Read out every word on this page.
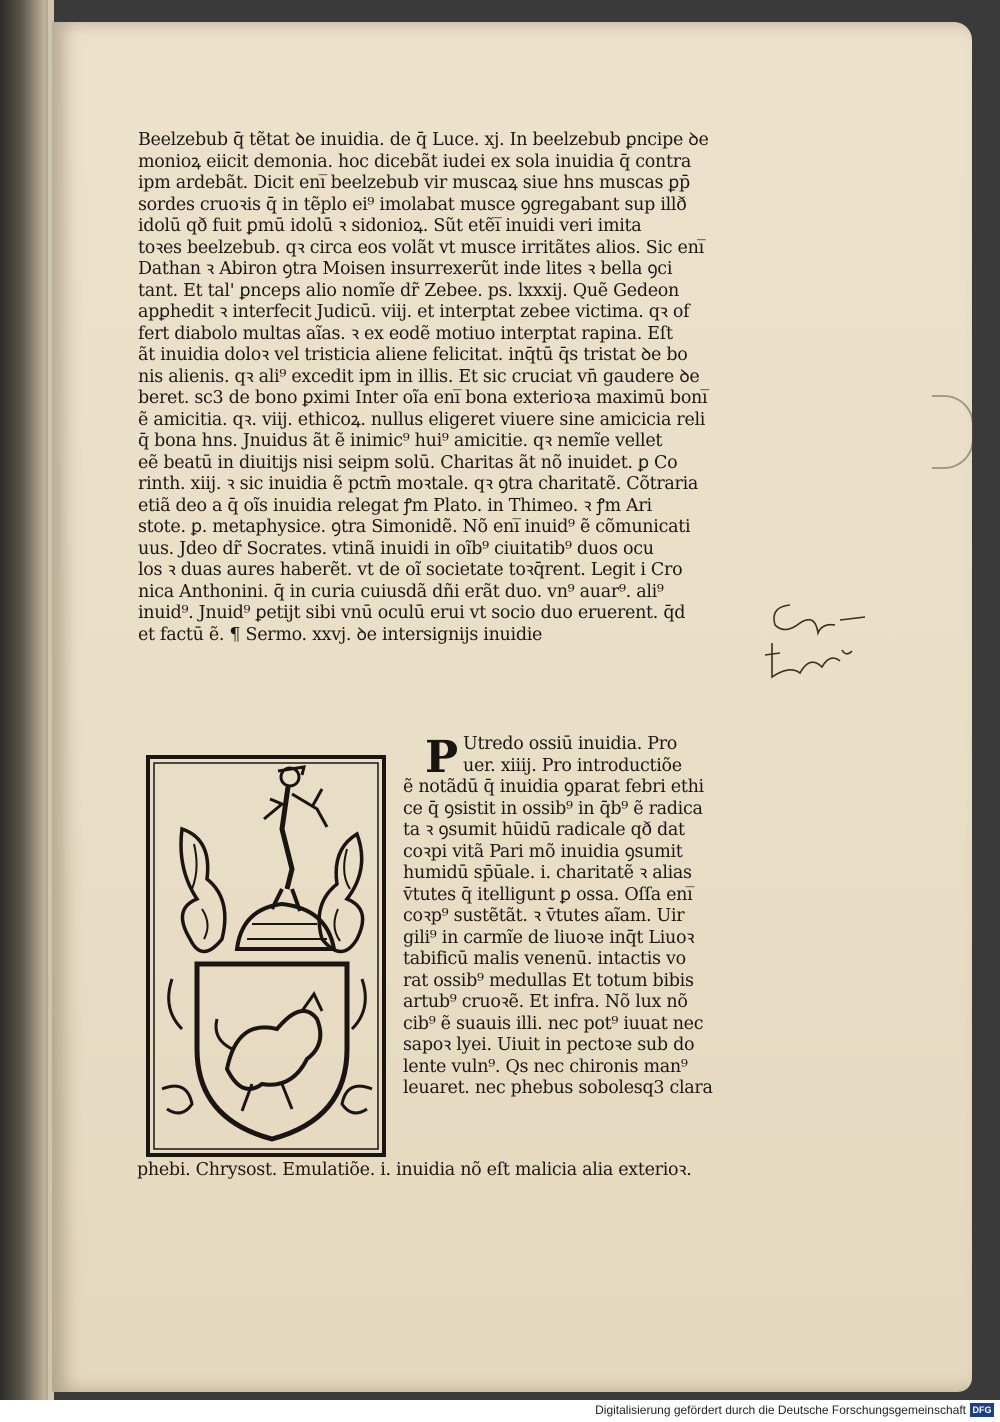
Beelzebub q̄ tẽtat ꝺe inuidia. de q̄ Luce. xj. In beelzebub ꝑncipe ꝺe
monioꝝ eiicit demonia. hoc dicebãt iudei ex sola inuidia q̄ contra
ipm ardebãt. Dicit̃ eni̅ beelzebub vir muscaꝝ siue h̄ns muscas ꝑp̄
sordes cruoꝛis q̄ in tẽplo ei⁹ imolabat̃ musce ꝯgregabant̃ sup illð
idolū qð fuit ꝑmū idolū ꝛ sidonioꝝ. Sũt etẽi̅ inuidi veri imita
toꝛes beelzebub. qꝛ circa eos volãt vt musce irritãtes alios. Sic eni̅
Dathan ꝛ Abiron ꝯtra Moisen insurrexerũt inde lites ꝛ bella ꝯci
tant̃. Et tal' ꝑnceps alio nomĩe dr̃ Zebee. ps. lxxxij. Quẽ Gedeon
apꝑh̄edit ꝛ interfecit Judicū. viij. et interptat̃ zebee victima. qꝛ of
fert diabolo multas aĩas. ꝛ ex eodẽ motiuo interptat̃ rapina. Eſt
ãt inuidia doloꝛ vel tristicia aliene felicitat̃. inq̄tū q̄s tristat̃ ꝺe bo
nis alienis. qꝛ ali⁹ excedit ipm in illis. Et sic cruciat̃ vn̄ gaudere ꝺe
beret. sc3 de bono ꝑximi Inter oĩa eni̅ bona exterioꝛa maximū boni̅
ẽ amicitia. qꝛ. viij. ethicoꝝ. nullus eligeret viuere sine amicicia reli
q̄ bona h̄ns. Jnuidus ãt ẽ inimic⁹ hui⁹ amicitie. qꝛ nemĩe vellet
eẽ beatū in diuitijs nisi seipm solū. Charitas ãt nõ inuidet. ꝑ Co
rinth. xiij. ꝛ sic inuidia ẽ pctm̄ moꝛtale. qꝛ ꝯtra charitatẽ. Cõtraria
etiã deo a q̄ oĩs inuidia relegat̃ ꝭm Plato. in Thimeo. ꝛ ꝭm Ari
stote. ꝑ. metaphysice. ꝯtra Simonidẽ. Nõ eni̅ inuid⁹ ẽ cõmunicati
uus. Jdeo dr̃ Socrates. vtinã inuidi in oĩb⁹ ciuitatib⁹ duos ocu
los ꝛ duas aures haberẽt. vt de oĩ societate toꝛq̄rent̃. Legit̃ i Cro
nica Anthonini. q̄ in curia cuiusdã dñi erãt duo. vn⁹ auar⁹. ali⁹
inuid⁹. Jnuid⁹ ꝑetijt sibi vnū oculū erui vt socio duo eruerent̃. q̄d
et factū ẽ. ¶ Sermo. xxvj. ꝺe intersignijs inuidie
P Utredo ossiū inuidia. Pro
uer. xiiij. Pro introductiõe
ẽ notãdū q̄ inuidia ꝯparat̃ febri ethi
ce q̄ ꝯsistit in ossib⁹ in q̄b⁹ ẽ radica
ta ꝛ ꝯsumit hūidū radicale qð dat
coꝛpi vitã Pari mõ inuidia ꝯsumit
humidū sp̄ūale. i. charitatẽ ꝛ alias
v̄tutes q̄ itelligunt̃ ꝑ ossa. Oſſa eni̅
coꝛp⁹ sustẽtãt. ꝛ v̄tutes aĩam. Uir
gili⁹ in carmĩe de liuoꝛe inq̄t Liuoꝛ
tabificū malis venenū. intactis vo
rat ossib⁹ medullas Et totum bibis
artub⁹ cruoꝛẽ. Et infra. Nõ lux nõ
cib⁹ ẽ suauis illi. nec pot⁹ iuuat nec
sapoꝛ lyei. Uiuit in pectoꝛe sub do
lente vuln⁹. Q̄s nec chironis man⁹
leuaret. nec phebus sobolesq3 clara
phebi. Chrysost. Emulatiõe. i. inuidia nõ eſt malicia alia exterioꝛ.
Digitalisierung gefördert durch die Deutsche Forschungsgemeinschaft DFG
